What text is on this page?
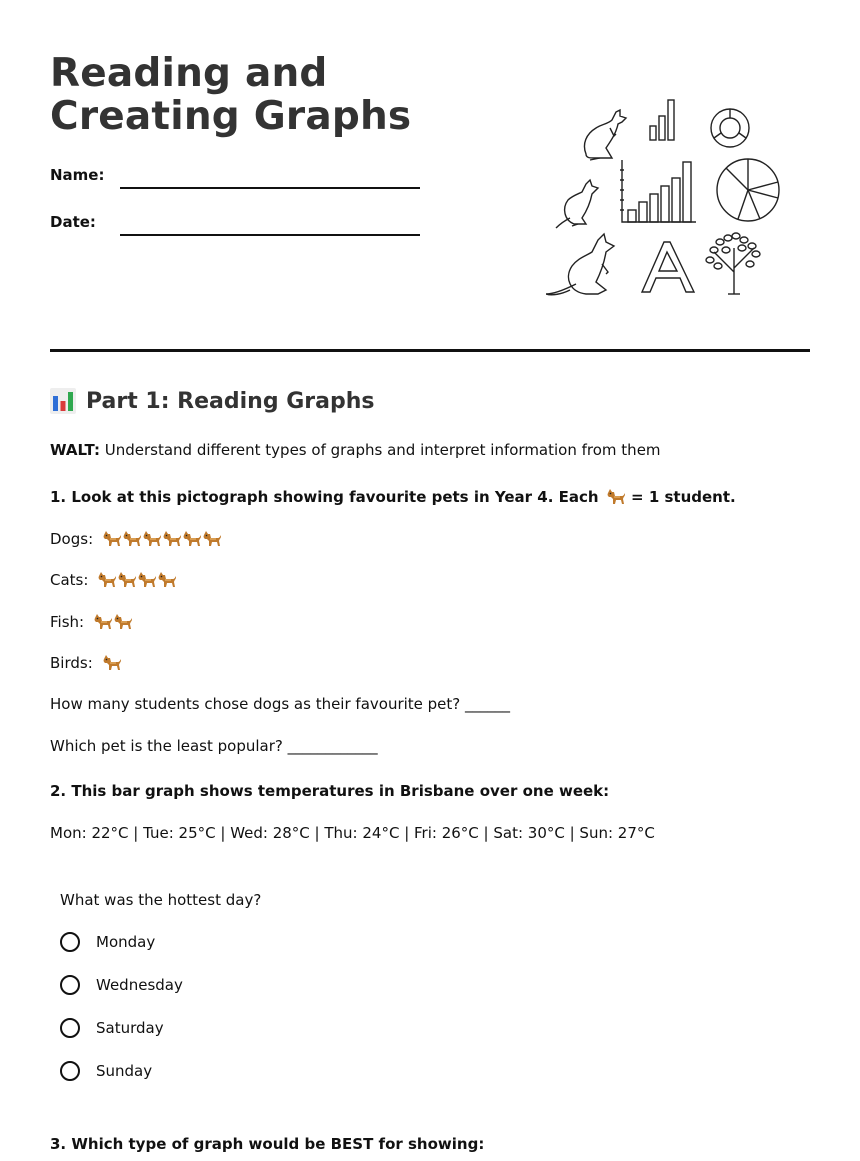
Reading and Creating Graphs
Name:
Date:
Part 1: Reading Graphs
WALT: Understand different types of graphs and interpret information from them
1. Look at this pictograph showing favourite pets in Year 4. Each = 1 student.
Dogs:
Cats:
Fish:
Birds:
How many students chose dogs as their favourite pet? ______
Which pet is the least popular? ____________
2. This bar graph shows temperatures in Brisbane over one week:
Mon: 22°C | Tue: 25°C | Wed: 28°C | Thu: 24°C | Fri: 26°C | Sat: 30°C | Sun: 27°C
What was the hottest day?
Monday
Wednesday
Saturday
Sunday
3. Which type of graph would be BEST for showing:
